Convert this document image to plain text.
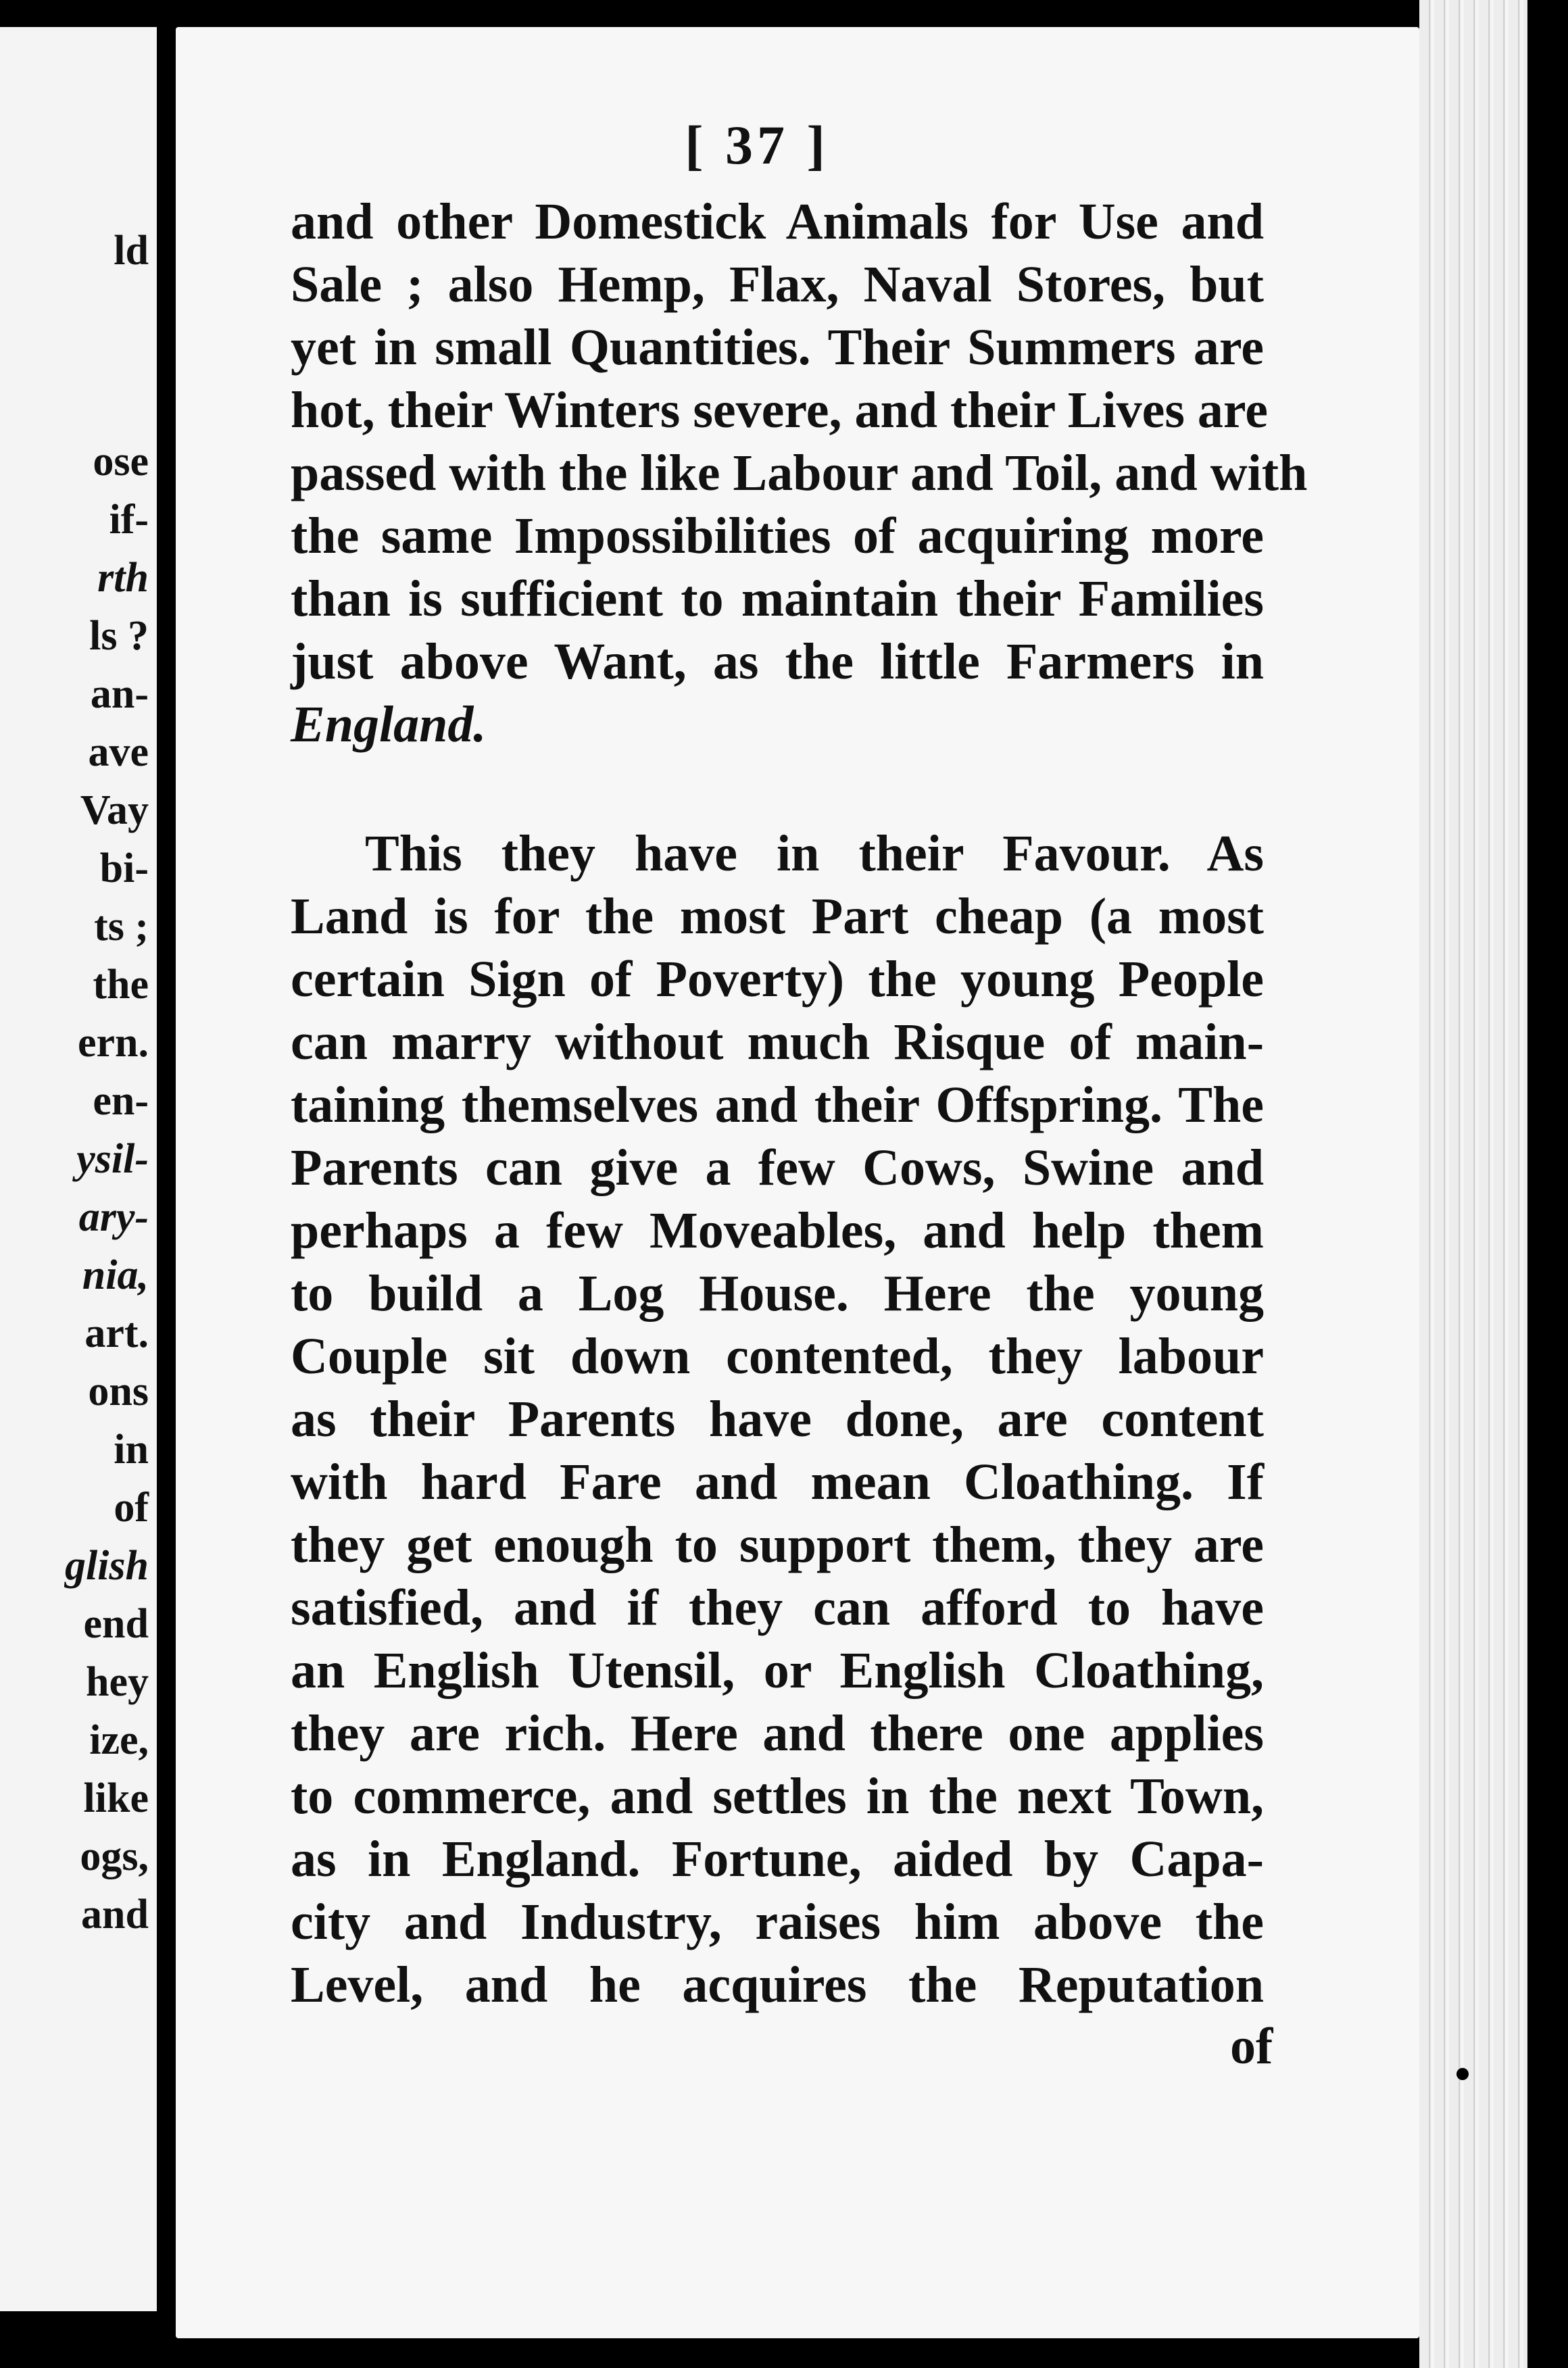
ld
ose
if-
rth
ls ?
an-
ave
Vay
bi-
ts ;
the
ern.
en-
ysil-
ary-
nia,
art.
ons
in
of
glish
end
hey
ize,
like
ogs,
and
[ 37 ]
and other Domestick Animals for Use and
Sale ; also Hemp, Flax, Naval Stores, but
yet in small Quantities. Their Summers are
hot, their Winters severe, and their Lives are
passed with the like Labour and Toil, and with
the same Impossibilities of acquiring more
than is sufficient to maintain their Families
just above Want, as the little Farmers in
England.
This they have in their Favour. As
Land is for the most Part cheap (a most
certain Sign of Poverty) the young People
can marry without much Risque of main-
taining themselves and their Offspring. The
Parents can give a few Cows, Swine and
perhaps a few Moveables, and help them
to build a Log House. Here the young
Couple sit down contented, they labour
as their Parents have done, are content
with hard Fare and mean Cloathing. If
they get enough to support them, they are
satisfied, and if they can afford to have
an English Utensil, or English Cloathing,
they are rich. Here and there one applies
to commerce, and settles in the next Town,
as in England. Fortune, aided by Capa-
city and Industry, raises him above the
Level, and he acquires the Reputation
of
